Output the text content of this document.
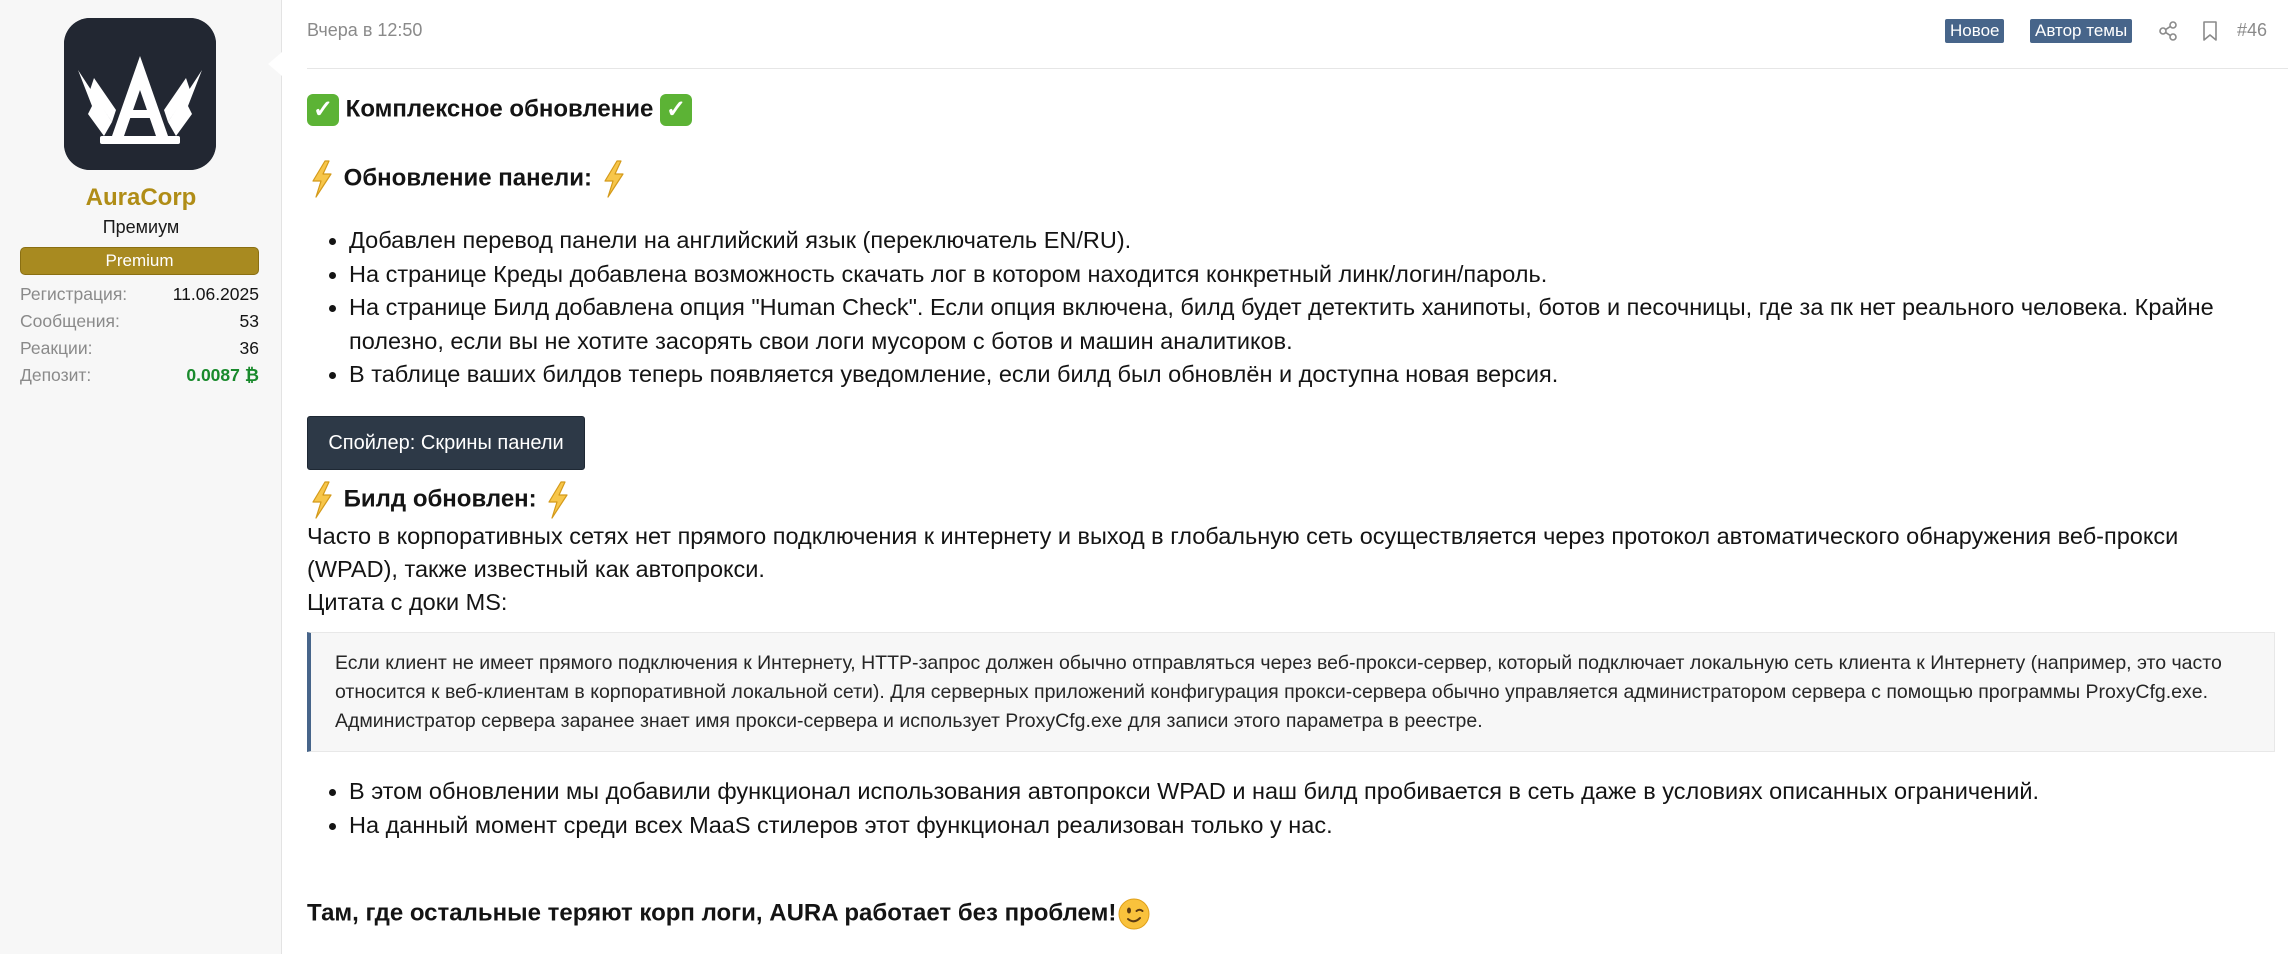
AuraCorp
Премиум
Premium
Регистрация:	11.06.2025
Сообщения:	53
Реакции:	36
Депозит:	0.0087 ₿
Вчера в 12:50	Новое Автор темы	#46
✓ Комплексное обновление ✓
Обновление панели:
Добавлен перевод панели на английский язык (переключатель EN/RU).
На странице Креды добавлена возможность скачать лог в котором находится конкретный линк/логин/пароль.
На странице Билд добавлена опция "Human Check". Если опция включена, билд будет детектить ханипоты, ботов и песочницы, где за пк нет реального человека. Крайне полезно, если вы не хотите засорять свои логи мусором с ботов и машин аналитиков.
В таблице ваших билдов теперь появляется уведомление, если билд был обновлён и доступна новая версия.
Спойлер: Скрины панели
Билд обновлен:
Часто в корпоративных сетях нет прямого подключения к интернету и выход в глобальную сеть осуществляется через протокол автоматического обнаружения веб-прокси (WPAD), также известный как автопрокси.
Цитата с доки MS:
Если клиент не имеет прямого подключения к Интернету, HTTP-запрос должен обычно отправляться через веб-прокси-сервер, который подключает локальную сеть клиента к Интернету (например, это часто относится к веб-клиентам в корпоративной локальной сети). Для серверных приложений конфигурация прокси-сервера обычно управляется администратором сервера с помощью программы ProxyCfg.exe. Администратор сервера заранее знает имя прокси-сервера и использует ProxyCfg.exe для записи этого параметра в реестре.
В этом обновлении мы добавили функционал использования автопрокси WPAD и наш билд пробивается в сеть даже в условиях описанных ограничений.
На данный момент среди всех MaaS стилеров этот функционал реализован только у нас.
Там, где остальные теряют корп логи, AURA работает без проблем!
